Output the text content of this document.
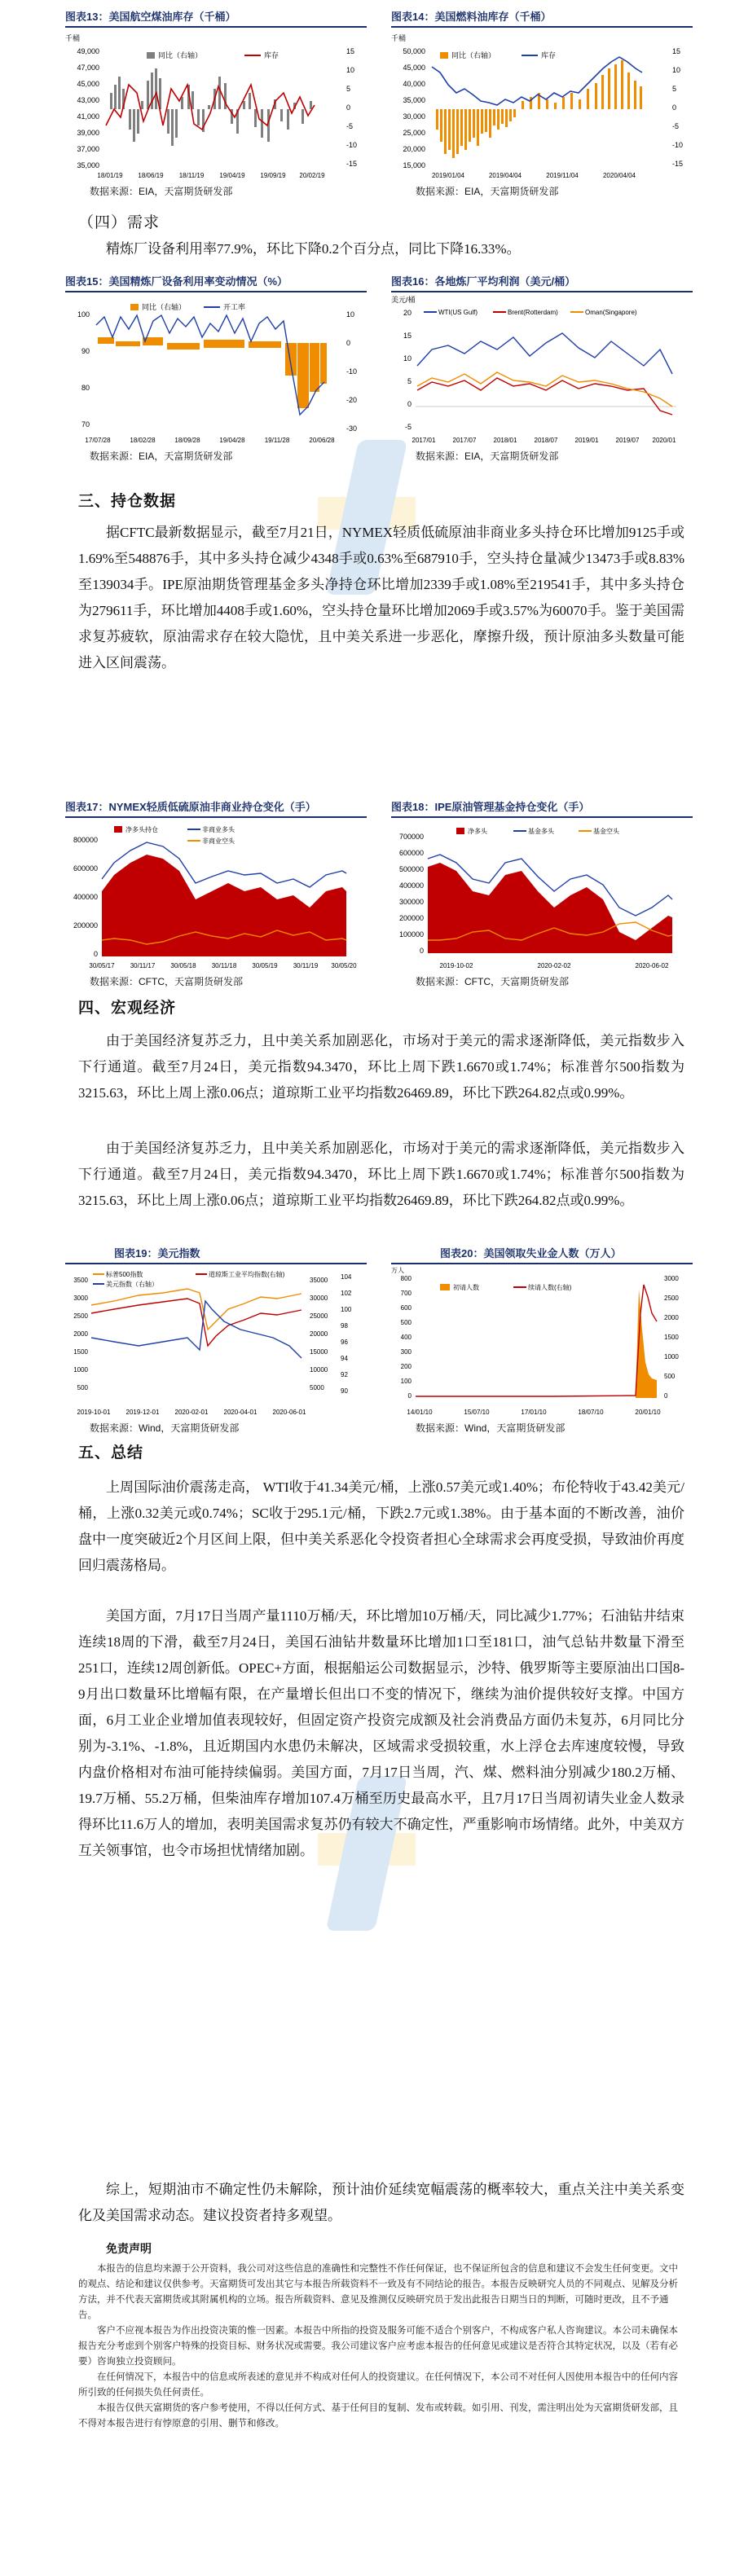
图表13：美国航空煤油库存（千桶）
千桶
49,000
47,000
45,000
43,000
41,000
39,000
37,000
35,000
15
10
5
0
-5
-10
-15
同比（右轴）	库存
18/01/19 18/06/19 18/11/19 19/04/19 19/09/19 20/02/19
数据来源：EIA，天富期货研发部
图表14：美国燃料油库存（千桶）
千桶
50,000
45,000
40,000
35,000
30,000
25,000
20,000
15,000
15
10
5
0
-5
-10
-15
同比（右轴）	库存
2019/01/04	2019/04/04	2019/11/04	2020/04/04
数据来源：EIA，天富期货研发部
（四）需求
精炼厂设备利用率77.9%，环比下降0.2个百分点，同比下降16.33%。
图表15：美国精炼厂设备利用率变动情况（%）
100
90
80
70
10
0
-10
-20
-30
同比（右轴）	开工率
17/07/28	18/02/28	18/09/28	19/04/28	19/11/28	20/06/28
数据来源：EIA，天富期货研发部
图表16：各地炼厂平均利润（美元/桶）
美元/桶
20
15
10
5
0
-5
WTI(US Gulf)	Brent(Rotterdam)	Oman(Singapore)
2017/01	2017/07	2018/01	2018/07	2019/01	2019/07 2020/01
数据来源：EIA，天富期货研发部
三、持仓数据
据CFTC最新数据显示，截至7月21日，NYMEX轻质低硫原油非商业多头持仓环比增加9125手或1.69%至548876手，其中多头持仓减少4348手或0.63%至687910手，空头持仓量减少13473手或8.83%至139034手。IPE原油期货管理基金多头净持仓环比增加2339手或1.08%至219541手，其中多头持仓为279611手，环比增加4408手或1.60%，空头持仓量环比增加2069手或3.57%为60070手。鉴于美国需求复苏疲软，原油需求存在较大隐忧，且中美关系进一步恶化，摩擦升级，预计原油多头数量可能进入区间震荡。
图表17：NYMEX轻质低硫原油非商业持仓变化（手）
800000
600000
400000
200000
0
净多头持仓	非商业多头
非商业空头
30/05/17 30/11/17 30/05/18 30/11/18 30/05/19 30/11/19 30/05/20
数据来源：CFTC，天富期货研发部
图表18：IPE原油管理基金持仓变化（手）
700000
600000
500000
400000
300000
200000
100000
0
净多头	基金多头	基金空头
2019-10-02	2020-02-02	2020-06-02
数据来源：CFTC，天富期货研发部
四、宏观经济
由于美国经济复苏乏力，且中美关系加剧恶化，市场对于美元的需求逐渐降低，美元指数步入下行通道。截至7月24日，美元指数94.3470，环比上周下跌1.6670或1.74%；标准普尔500指数为3215.63，环比上周上涨0.06点；道琼斯工业平均指数26469.89，环比下跌264.82点或0.99%。
由于美国经济复苏乏力，且中美关系加剧恶化，市场对于美元的需求逐渐降低，美元指数步入下行通道。截至7月24日，美元指数94.3470，环比上周下跌1.6670或1.74%；标准普尔500指数为3215.63，环比上周上涨0.06点；道琼斯工业平均指数26469.89，环比下跌264.82点或0.99%。
图表19：美元指数
3500
3000
2500
2000
1500
1000
500
35000
30000
25000
20000
15000
10000
5000
104
102
100
98
96
94
92
90
标普500指数	道琼斯工业平均指数(右轴)
美元指数（右轴）
2019-10-01 2019-12-01 2020-02-01 2020-04-01 2020-06-01
数据来源：Wind，天富期货研发部
图表20：美国领取失业金人数（万人）
万人
800
700
600
500
400
300
200
100
0
3000
2500
2000
1500
1000
500
0
初请人数	续请人数(右轴)
14/01/10	15/07/10	17/01/10	18/07/10	20/01/10
数据来源：Wind，天富期货研发部
五、总结
上周国际油价震荡走高， WTI收于41.34美元/桶，上涨0.57美元或1.40%；布伦特收于43.42美元/桶，上涨0.32美元或0.74%；SC收于295.1元/桶，下跌2.7元或1.38%。由于基本面的不断改善，油价盘中一度突破近2个月区间上限，但中美关系恶化令投资者担心全球需求会再度受损，导致油价再度回归震荡格局。
美国方面，7月17日当周产量1110万桶/天，环比增加10万桶/天，同比减少1.77%；石油钻井结束连续18周的下滑，截至7月24日，美国石油钻井数量环比增加1口至181口，油气总钻井数量下滑至251口，连续12周创新低。OPEC+方面，根据船运公司数据显示，沙特、俄罗斯等主要原油出口国8-9月出口数量环比增幅有限，在产量增长但出口不变的情况下，继续为油价提供较好支撑。中国方面，6月工业企业增加值表现较好，但固定资产投资完成额及社会消费品方面仍未复苏，6月同比分别为-3.1%、-1.8%，且近期国内水患仍未解决，区域需求受损较重，水上浮仓去库速度较慢，导致内盘价格相对布油可能持续偏弱。美国方面，7月17日当周，汽、煤、燃料油分别减少180.2万桶、19.7万桶、55.2万桶，但柴油库存增加107.4万桶至历史最高水平，且7月17日当周初请失业金人数录得环比11.6万人的增加，表明美国需求复苏仍有较大不确定性，严重影响市场情绪。此外，中美双方互关领事馆，也令市场担忧情绪加剧。
综上，短期油市不确定性仍未解除，预计油价延续宽幅震荡的概率较大，重点关注中美关系变化及美国需求动态。建议投资者持多观望。
免责声明
本报告的信息均来源于公开资料，我公司对这些信息的准确性和完整性不作任何保证，也不保证所包含的信息和建议不会发生任何变更。文中的观点、结论和建议仅供参考。天富期货可发出其它与本报告所载资料不一致及有不同结论的报告。本报告反映研究人员的不同观点、见解及分析方法，并不代表天富期货或其附属机构的立场。报告所载资料、意见及推测仅反映研究员于发出此报告日期当日的判断，可随时更改，且不予通告。
客户不应视本报告为作出投资决策的惟一因素。本报告中所指的投资及服务可能不适合个别客户，不构成客户私人咨询建议。本公司未确保本报告充分考虑到个别客户特殊的投资目标、财务状况或需要。我公司建议客户应考虑本报告的任何意见或建议是否符合其特定状况，以及（若有必要）咨询独立投资顾问。
在任何情况下，本报告中的信息或所表述的意见并不构成对任何人的投资建议。在任何情况下，本公司不对任何人因使用本报告中的任何内容所引致的任何损失负任何责任。
本报告仅供天富期货的客户参考使用，不得以任何方式、基于任何目的复制、发布或转载。如引用、刊发，需注明出处为天富期货研发部，且不得对本报告进行有悖原意的引用、删节和修改。
